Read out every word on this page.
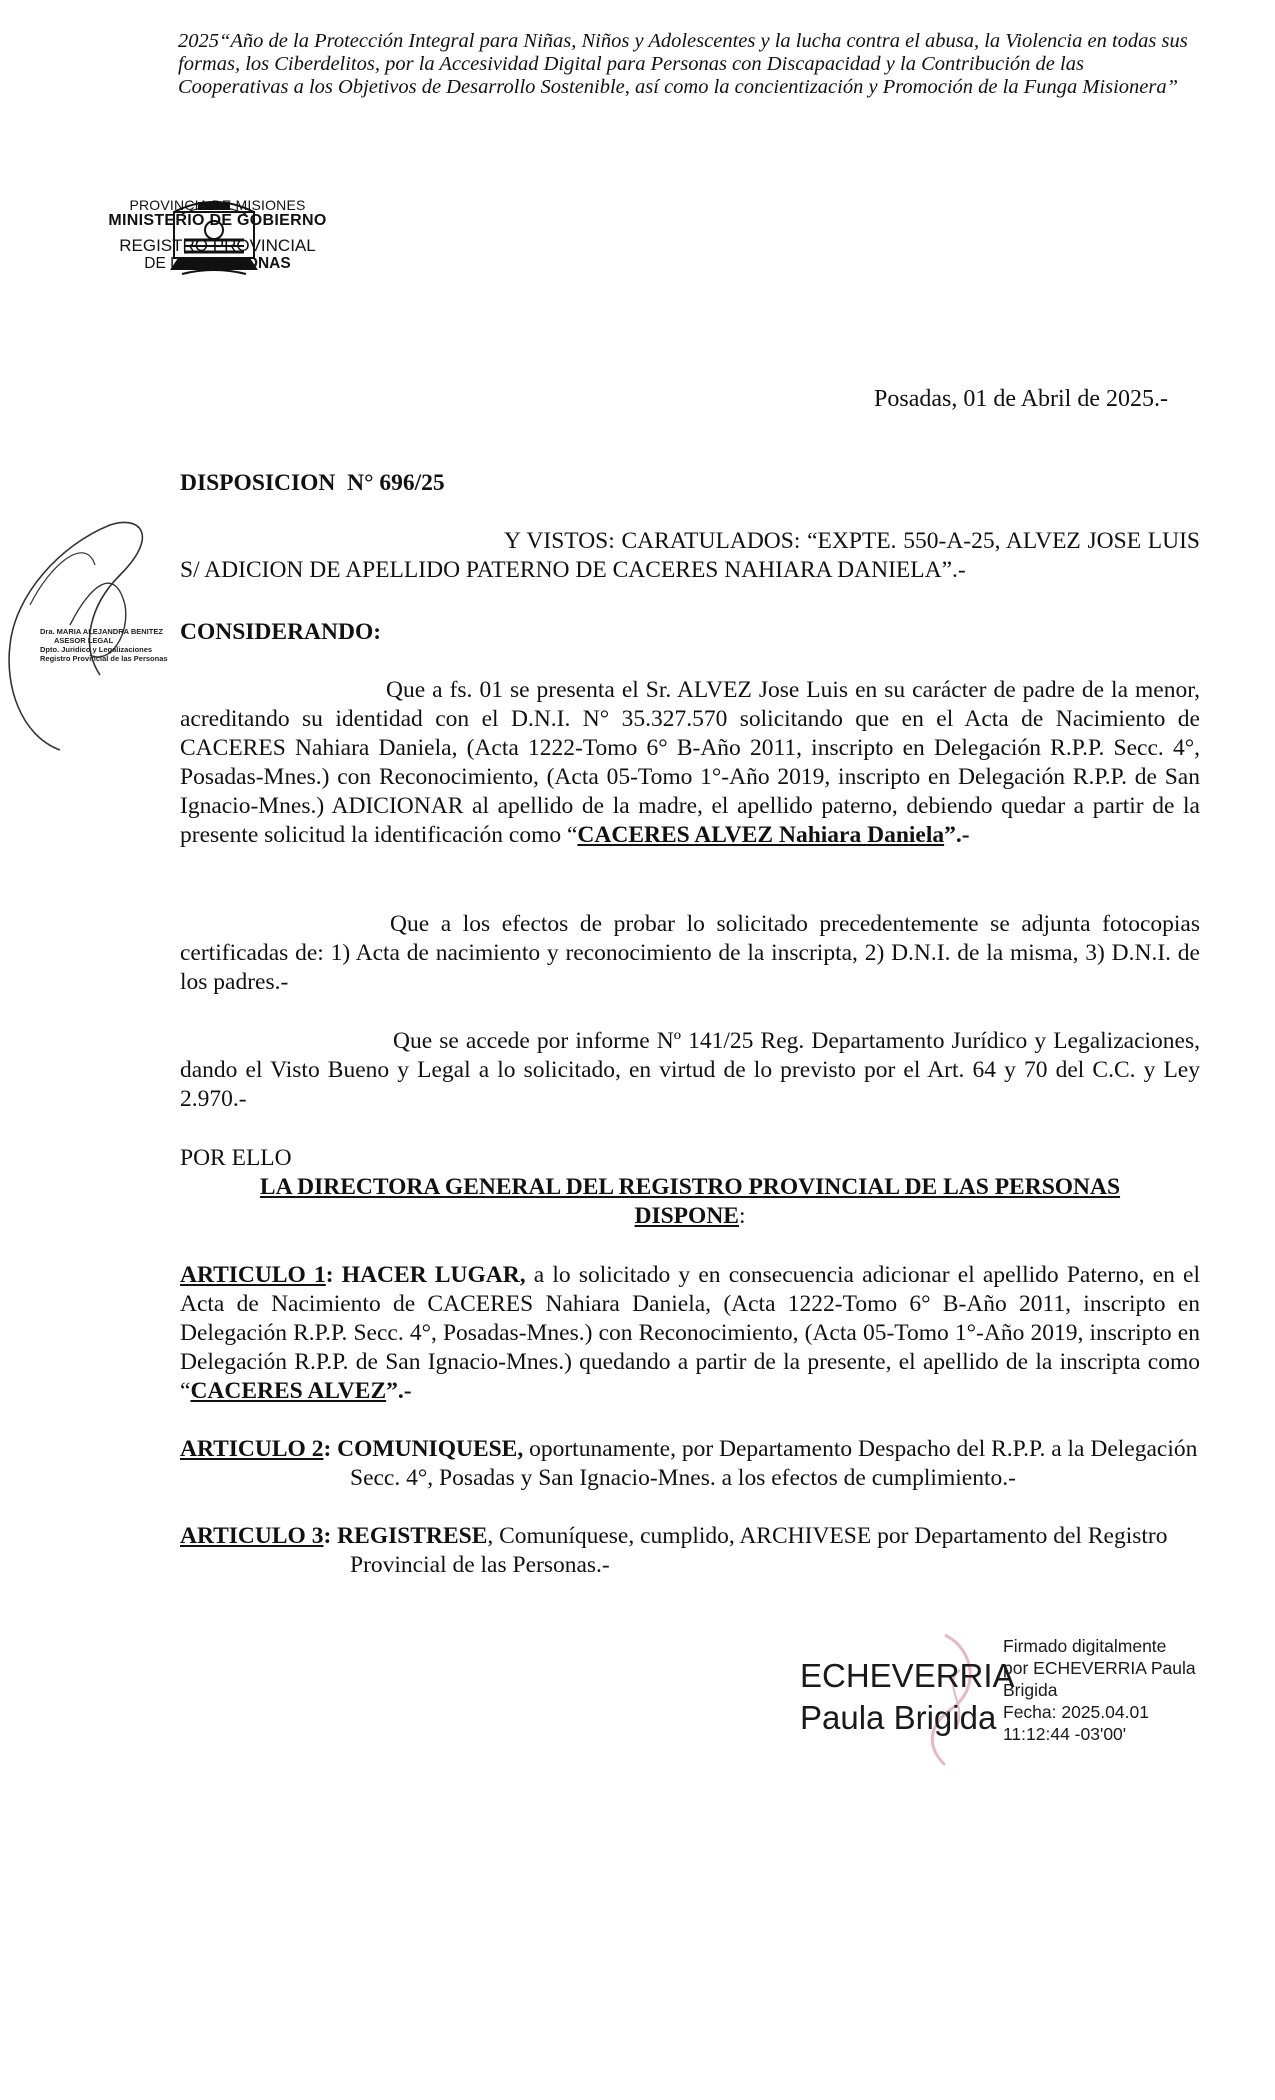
2025“Año de la Protección Integral para Niñas, Niños y Adolescentes y la lucha contra el abusa, la Violencia en todas sus formas, los Ciberdelitos, por la Accesividad Digital para Personas con Discapacidad y la Contribución de las Cooperativas a los Objetivos de Desarrollo Sostenible, así como la concientización y Promoción de la Funga Misionera”
PROVINCIA DE MISIONES
MINISTERIO DE GOBIERNO
REGISTRO PROVINCIAL
DE LAS PERSONAS
Posadas, 01 de Abril de 2025.-
Dra. MARIA ALEJANDRA BENITEZ
ASESOR LEGAL
Dpto. Juridico y Legalizaciones
Registro Provincial de las Personas
DISPOSICION  N° 696/25
Y VISTOS: CARATULADOS: “EXPTE. 550-A-25, ALVEZ JOSE LUIS S/ ADICION DE APELLIDO PATERNO DE CACERES NAHIARA DANIELA”.-
CONSIDERANDO:
Que a fs. 01 se presenta el Sr. ALVEZ Jose Luis en su carácter de padre de la menor, acreditando su identidad con el D.N.I. N° 35.327.570 solicitando que en el Acta de Nacimiento de CACERES Nahiara Daniela, (Acta 1222-Tomo 6° B-Año 2011, inscripto en Delegación R.P.P. Secc. 4°, Posadas-Mnes.) con Reconocimiento, (Acta 05-Tomo 1°-Año 2019, inscripto en Delegación R.P.P. de San Ignacio-Mnes.) ADICIONAR al apellido de la madre, el apellido paterno, debiendo quedar a partir de la presente solicitud la identificación como “CACERES ALVEZ Nahiara Daniela”.-
Que a los efectos de probar lo solicitado precedentemente se adjunta fotocopias certificadas de: 1) Acta de nacimiento y reconocimiento de la inscripta, 2) D.N.I. de la misma, 3) D.N.I. de los padres.-
Que se accede por informe Nº 141/25 Reg. Departamento Jurídico y Legalizaciones, dando el Visto Bueno y Legal a lo solicitado, en virtud de lo previsto por el Art. 64 y 70 del C.C. y Ley 2.970.-
POR ELLO
LA DIRECTORA GENERAL DEL REGISTRO PROVINCIAL DE LAS PERSONAS
DISPONE:
ARTICULO 1: HACER LUGAR, a lo solicitado y en consecuencia adicionar el apellido Paterno, en el Acta de Nacimiento de CACERES Nahiara Daniela, (Acta 1222-Tomo 6° B-Año 2011, inscripto en Delegación R.P.P. Secc. 4°, Posadas-Mnes.) con Reconocimiento, (Acta 05-Tomo 1°-Año 2019, inscripto en Delegación R.P.P. de San Ignacio-Mnes.) quedando a partir de la presente, el apellido de la inscripta como “CACERES ALVEZ”.-
ARTICULO 2: COMUNIQUESE, oportunamente, por Departamento Despacho del R.P.P. a la Delegación Secc. 4°, Posadas y San Ignacio-Mnes. a los efectos de cumplimiento.-
ARTICULO 3: REGISTRESE, Comuníquese, cumplido, ARCHIVESE por Departamento del Registro Provincial de las Personas.-
ECHEVERRIA
Paula Brigida
Firmado digitalmente
por ECHEVERRIA Paula
Brigida
Fecha: 2025.04.01
11:12:44 -03'00'
